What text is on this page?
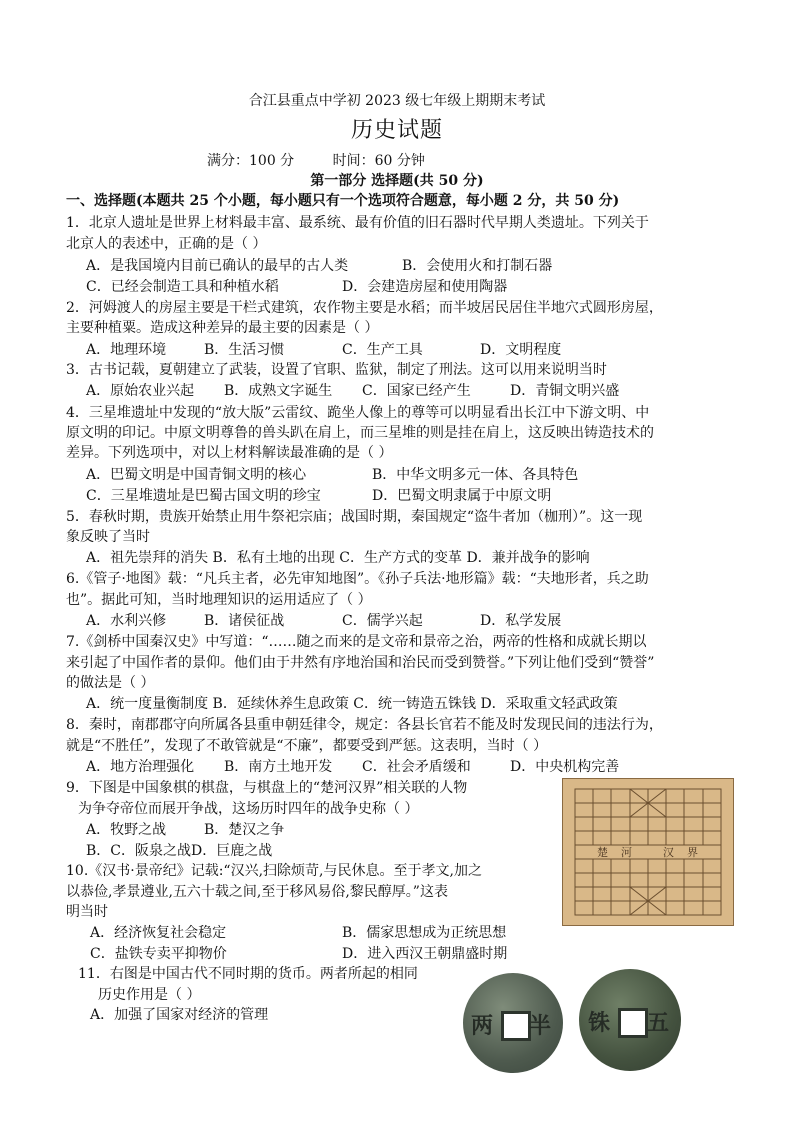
合江县重点中学初 2023 级七年级上期期末考试
历史试题
满分：100 分	时间：60 分钟
第一部分 选择题(共 50 分)
一、选择题(本题共 25 个小题，每小题只有一个选项符合题意，每小题 2 分，共 50 分)
1．北京人遗址是世界上材料最丰富、最系统、最有价值的旧石器时代早期人类遗址。下列关于
北京人的表述中，正确的是（ ）
A．是我国境内目前已确认的最早的古人类	B．会使用火和打制石器
C．已经会制造工具和种植水稻	D．会建造房屋和使用陶器
2．河姆渡人的房屋主要是干栏式建筑，农作物主要是水稻；而半坡居民居住半地穴式圆形房屋，
主要种植粟。造成这种差异的最主要的因素是（ ）
A．地理环境	B．生活习惯	C．生产工具	D．文明程度
3．古书记载，夏朝建立了武装，设置了官职、监狱，制定了刑法。这可以用来说明当时
A．原始农业兴起 B．成熟文字诞生 C．国家已经产生	D．青铜文明兴盛
4．三星堆遗址中发现的“放大版”云雷纹、跪坐人像上的尊等可以明显看出长江中下游文明、中
原文明的印记。中原文明尊鲁的兽头趴在肩上，而三星堆的则是挂在肩上，这反映出铸造技术的
差异。下列选项中，对以上材料解读最准确的是（ ）
A．巴蜀文明是中国青铜文明的核心	B．中华文明多元一体、各具特色
C．三星堆遗址是巴蜀古国文明的珍宝	D．巴蜀文明隶属于中原文明
5．春秋时期，贵族开始禁止用牛祭祀宗庙；战国时期，秦国规定“盗牛者加（枷刑）”。这一现
象反映了当时
A．祖先崇拜的消失 B．私有土地的出现 C．生产方式的变革 D．兼并战争的影响
6.《管子·地图》载：“凡兵主者，必先审知地图”。《孙子兵法·地形篇》载：“夫地形者，兵之助
也”。据此可知，当时地理知识的运用适应了（ ）
A．水利兴修	B．诸侯征战	C．儒学兴起	D．私学发展
7.《剑桥中国秦汉史》中写道：“……随之而来的是文帝和景帝之治，两帝的性格和成就长期以
来引起了中国作者的景仰。他们由于井然有序地治国和治民而受到赞誉。”下列让他们受到“赞誉”
的做法是（ ）
A．统一度量衡制度 B．延续休养生息政策 C．统一铸造五铢钱 D．采取重文轻武政策
8．秦时，南郡郡守向所属各县重申朝廷律令，规定：各县长官若不能及时发现民间的违法行为，
就是“不胜任”，发现了不敢管就是“不廉”，都要受到严惩。这表明，当时（ ）
A．地方治理强化 B．南方土地开发 C．社会矛盾缓和	D．中央机构完善
9．下图是中国象棋的棋盘，与棋盘上的“楚河汉界”相关联的人物
为争夺帝位而展开争战，这场历时四年的战争史称（ ）
A．牧野之战	B．楚汉之争
B．C．阪泉之战D．巨鹿之战	楚 河	汉 界
10.《汉书·景帝纪》记载:“汉兴,扫除烦苛,与民休息。至于孝文,加之
以恭俭,孝景遵业,五六十载之间,至于移风易俗,黎民醇厚。”这表
明当时
A．经济恢复社会稳定	B．儒家思想成为正统思想
C．盐铁专卖平抑物价	D．进入西汉王朝鼎盛时期
11．右图是中国古代不同时期的货币。两者所起的相同
历史作用是（ ）
A．加强了国家对经济的管理	两 半 铢 五
